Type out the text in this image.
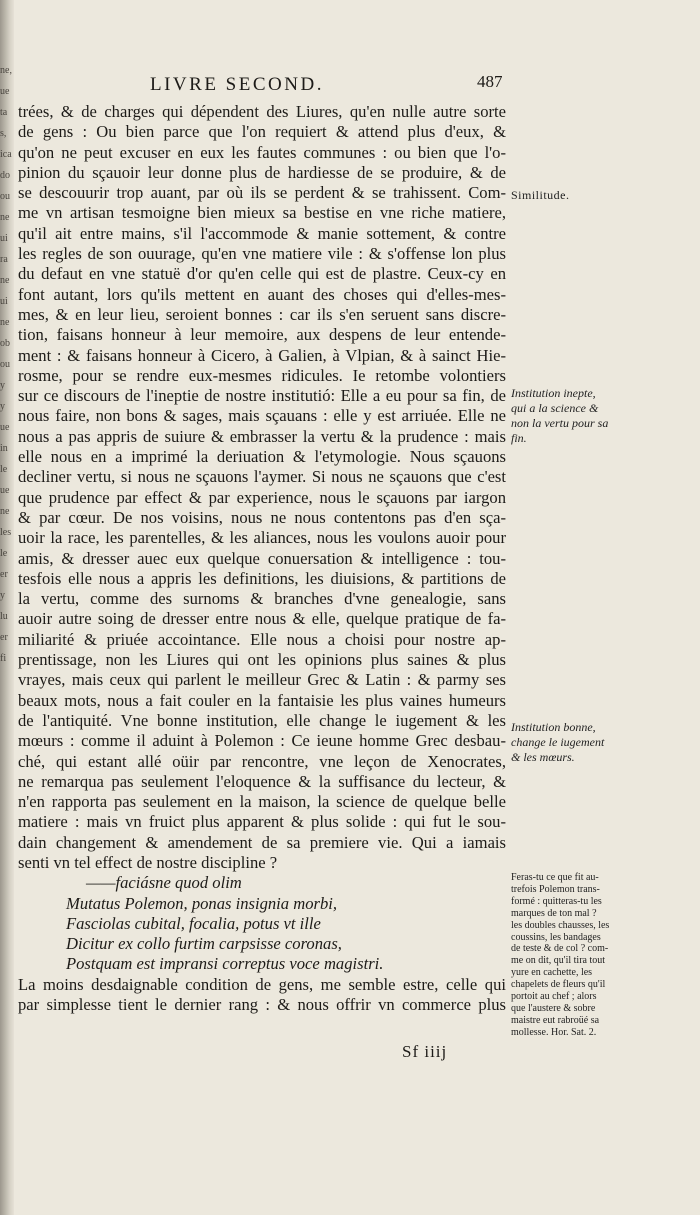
ne,
ue
ta
s,
ica
do
ou
ne
ui
ra
ne
ui
ne
ob
ou
y
y
ue
in
le
ue
ne
les
le
er
y
lu
er
fi
LIVRE SECOND.	487
trées, & de charges qui dépendent des Liures, qu'en nulle autre sorte
de gens : Ou bien parce que l'on requiert & attend plus d'eux, &
qu'on ne peut excuser en eux les fautes communes : ou bien que l'o-
pinion du sçauoir leur donne plus de hardiesse de se produire, & de
se descouurir trop auant, par où ils se perdent & se trahissent. Com-
me vn artisan tesmoigne bien mieux sa bestise en vne riche matiere,
qu'il ait entre mains, s'il l'accommode & manie sottement, & contre
les regles de son ouurage, qu'en vne matiere vile : & s'offense lon plus
du defaut en vne statuë d'or qu'en celle qui est de plastre. Ceux-cy en
font autant, lors qu'ils mettent en auant des choses qui d'elles-mes-
mes, & en leur lieu, seroient bonnes : car ils s'en seruent sans discre-
tion, faisans honneur à leur memoire, aux despens de leur entende-
ment : & faisans honneur à Cicero, à Galien, à Vlpian, & à sainct Hie-
rosme, pour se rendre eux-mesmes ridicules. Ie retombe volontiers
sur ce discours de l'ineptie de nostre institutió: Elle a eu pour sa fin, de
nous faire, non bons & sages, mais sçauans : elle y est arriuée. Elle ne
nous a pas appris de suiure & embrasser la vertu & la prudence : mais
elle nous en a imprimé la deriuation & l'etymologie. Nous sçauons
decliner vertu, si nous ne sçauons l'aymer. Si nous ne sçauons que c'est
que prudence par effect & par experience, nous le sçauons par iargon
& par cœur. De nos voisins, nous ne nous contentons pas d'en sça-
uoir la race, les parentelles, & les aliances, nous les voulons auoir pour
amis, & dresser auec eux quelque conuersation & intelligence : tou-
tesfois elle nous a appris les definitions, les diuisions, & partitions de
la vertu, comme des surnoms & branches d'vne genealogie, sans
auoir autre soing de dresser entre nous & elle, quelque pratique de fa-
miliarité & priuée accointance. Elle nous a choisi pour nostre ap-
prentissage, non les Liures qui ont les opinions plus saines & plus
vrayes, mais ceux qui parlent le meilleur Grec & Latin : & parmy ses
beaux mots, nous a fait couler en la fantaisie les plus vaines humeurs
de l'antiquité. Vne bonne institution, elle change le iugement & les
mœurs : comme il aduint à Polemon : Ce ieune homme Grec desbau-
ché, qui estant allé oüir par rencontre, vne leçon de Xenocrates,
ne remarqua pas seulement l'eloquence & la suffisance du lecteur, &
n'en rapporta pas seulement en la maison, la science de quelque belle
matiere : mais vn fruict plus apparent & plus solide : qui fut le sou-
dain changement & amendement de sa premiere vie. Qui a iamais
senti vn tel effect de nostre discipline ?
——faciásne quod olim
Mutatus Polemon, ponas insignia morbi,
Fasciolas cubital, focalia, potus vt ille
Dicitur ex collo furtim carpsisse coronas,
Postquam est impransi correptus voce magistri.
La moins desdaignable condition de gens, me semble estre, celle qui
par simplesse tient le dernier rang : & nous offrir vn commerce plus
Sf iiij
Similitude.
Institution inepte,
qui a la science &
non la vertu pour sa
fin.
Institution bonne,
change le iugement
& les mœurs.
Feras-tu ce que fit au-
trefois Polemon trans-
formé : quitteras-tu les
marques de ton mal ?
les doubles chausses, les
coussins, les bandages
de teste & de col ? com-
me on dit, qu'il tira tout
yure en cachette, les
chapelets de fleurs qu'il
portoit au chef ; alors
que l'austere & sobre
maistre eut rabroüé sa
mollesse. Hor. Sat. 2.
